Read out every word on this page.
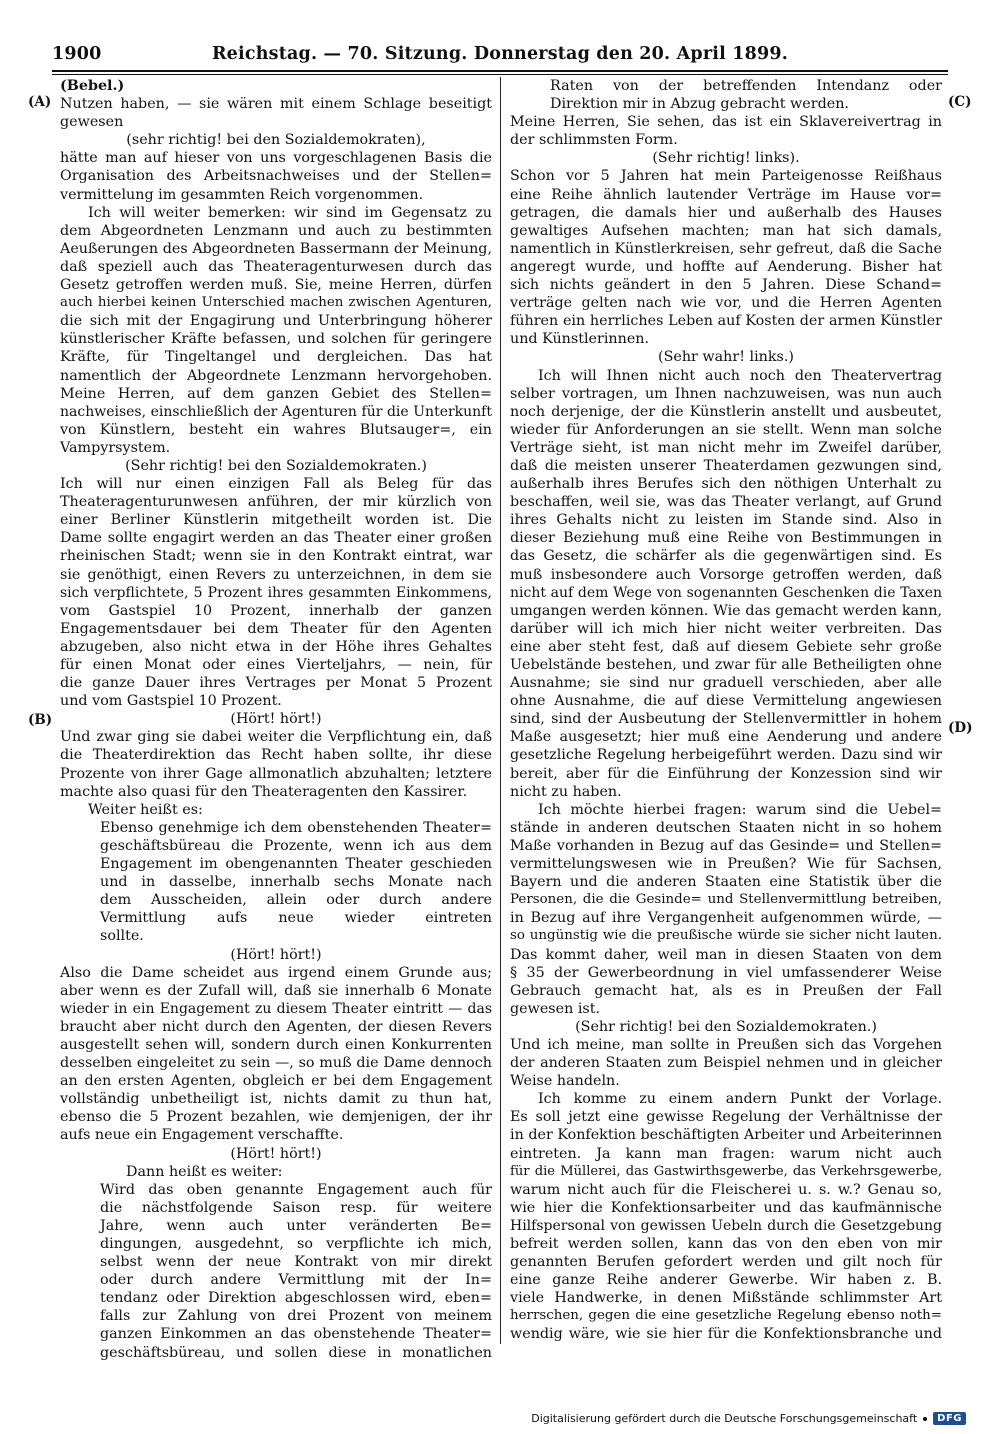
1900	Reichstag. — 70. Sitzung. Donnerstag den 20. April 1899.
(A)
(B)
(C)
(D)
(Bebel.)
Nutzen haben, — sie wären mit einem Schlage beseitigt
gewesen
(sehr richtig! bei den Sozialdemokraten),
hätte man auf hieser von uns vorgeschlagenen Basis die
Organisation des Arbeitsnachweises und der Stellen=
vermittelung im gesammten Reich vorgenommen.
Ich will weiter bemerken: wir sind im Gegensatz zu
dem Abgeordneten Lenzmann und auch zu bestimmten
Aeußerungen des Abgeordneten Bassermann der Meinung,
daß speziell auch das Theateragenturwesen durch das
Gesetz getroffen werden muß. Sie, meine Herren, dürfen
auch hierbei keinen Unterschied machen zwischen Agenturen,
die sich mit der Engagirung und Unterbringung höherer
künstlerischer Kräfte befassen, und solchen für geringere
Kräfte, für Tingeltangel und dergleichen. Das hat
namentlich der Abgeordnete Lenzmann hervorgehoben.
Meine Herren, auf dem ganzen Gebiet des Stellen=
nachweises, einschließlich der Agenturen für die Unterkunft
von Künstlern, besteht ein wahres Blutsauger=, ein
Vampyrsystem.
(Sehr richtig! bei den Sozialdemokraten.)
Ich will nur einen einzigen Fall als Beleg für das
Theateragenturunwesen anführen, der mir kürzlich von
einer Berliner Künstlerin mitgetheilt worden ist. Die
Dame sollte engagirt werden an das Theater einer großen
rheinischen Stadt; wenn sie in den Kontrakt eintrat, war
sie genöthigt, einen Revers zu unterzeichnen, in dem sie
sich verpflichtete, 5 Prozent ihres gesammten Einkommens,
vom Gastspiel 10 Prozent, innerhalb der ganzen
Engagementsdauer bei dem Theater für den Agenten
abzugeben, also nicht etwa in der Höhe ihres Gehaltes
für einen Monat oder eines Vierteljahrs, — nein, für
die ganze Dauer ihres Vertrages per Monat 5 Prozent
und vom Gastspiel 10 Prozent.
(Hört! hört!)
Und zwar ging sie dabei weiter die Verpflichtung ein, daß
die Theaterdirektion das Recht haben sollte, ihr diese
Prozente von ihrer Gage allmonatlich abzuhalten; letztere
machte also quasi für den Theateragenten den Kassirer.
Weiter heißt es:
Ebenso genehmige ich dem obenstehenden Theater=
geschäftsbüreau die Prozente, wenn ich aus dem
Engagement im obengenannten Theater geschieden
und in dasselbe, innerhalb sechs Monate nach
dem Ausscheiden, allein oder durch andere
Vermittlung aufs neue wieder eintreten
sollte.
(Hört! hört!)
Also die Dame scheidet aus irgend einem Grunde aus;
aber wenn es der Zufall will, daß sie innerhalb 6 Monate
wieder in ein Engagement zu diesem Theater eintritt — das
braucht aber nicht durch den Agenten, der diesen Revers
ausgestellt sehen will, sondern durch einen Konkurrenten
desselben eingeleitet zu sein —, so muß die Dame dennoch
an den ersten Agenten, obgleich er bei dem Engagement
vollständig unbetheiligt ist, nichts damit zu thun hat,
ebenso die 5 Prozent bezahlen, wie demjenigen, der ihr
aufs neue ein Engagement verschaffte.
(Hört! hört!)
Dann heißt es weiter:
Wird das oben genannte Engagement auch für
die nächstfolgende Saison resp. für weitere
Jahre, wenn auch unter veränderten Be=
dingungen, ausgedehnt, so verpflichte ich mich,
selbst wenn der neue Kontrakt von mir direkt
oder durch andere Vermittlung mit der In=
tendanz oder Direktion abgeschlossen wird, eben=
falls zur Zahlung von drei Prozent von meinem
ganzen Einkommen an das obenstehende Theater=
geschäftsbüreau, und sollen diese in monatlichen
Raten von der betreffenden Intendanz oder
Direktion mir in Abzug gebracht werden.
Meine Herren, Sie sehen, das ist ein Sklavereivertrag in
der schlimmsten Form.
(Sehr richtig! links).
Schon vor 5 Jahren hat mein Parteigenosse Reißhaus
eine Reihe ähnlich lautender Verträge im Hause vor=
getragen, die damals hier und außerhalb des Hauses
gewaltiges Aufsehen machten; man hat sich damals,
namentlich in Künstlerkreisen, sehr gefreut, daß die Sache
angeregt wurde, und hoffte auf Aenderung. Bisher hat
sich nichts geändert in den 5 Jahren. Diese Schand=
verträge gelten nach wie vor, und die Herren Agenten
führen ein herrliches Leben auf Kosten der armen Künstler
und Künstlerinnen.
(Sehr wahr! links.)
Ich will Ihnen nicht auch noch den Theatervertrag
selber vortragen, um Ihnen nachzuweisen, was nun auch
noch derjenige, der die Künstlerin anstellt und ausbeutet,
wieder für Anforderungen an sie stellt. Wenn man solche
Verträge sieht, ist man nicht mehr im Zweifel darüber,
daß die meisten unserer Theaterdamen gezwungen sind,
außerhalb ihres Berufes sich den nöthigen Unterhalt zu
beschaffen, weil sie, was das Theater verlangt, auf Grund
ihres Gehalts nicht zu leisten im Stande sind. Also in
dieser Beziehung muß eine Reihe von Bestimmungen in
das Gesetz, die schärfer als die gegenwärtigen sind. Es
muß insbesondere auch Vorsorge getroffen werden, daß
nicht auf dem Wege von sogenannten Geschenken die Taxen
umgangen werden können. Wie das gemacht werden kann,
darüber will ich mich hier nicht weiter verbreiten. Das
eine aber steht fest, daß auf diesem Gebiete sehr große
Uebelstände bestehen, und zwar für alle Betheiligten ohne
Ausnahme; sie sind nur graduell verschieden, aber alle
ohne Ausnahme, die auf diese Vermittelung angewiesen
sind, sind der Ausbeutung der Stellenvermittler in hohem
Maße ausgesetzt; hier muß eine Aenderung und andere
gesetzliche Regelung herbeigeführt werden. Dazu sind wir
bereit, aber für die Einführung der Konzession sind wir
nicht zu haben.
Ich möchte hierbei fragen: warum sind die Uebel=
stände in anderen deutschen Staaten nicht in so hohem
Maße vorhanden in Bezug auf das Gesinde= und Stellen=
vermittelungswesen wie in Preußen? Wie für Sachsen,
Bayern und die anderen Staaten eine Statistik über die
Personen, die die Gesinde= und Stellenvermittlung betreiben,
in Bezug auf ihre Vergangenheit aufgenommen würde, —
so ungünstig wie die preußische würde sie sicher nicht lauten.
Das kommt daher, weil man in diesen Staaten von dem
§ 35 der Gewerbeordnung in viel umfassenderer Weise
Gebrauch gemacht hat, als es in Preußen der Fall
gewesen ist.
(Sehr richtig! bei den Sozialdemokraten.)
Und ich meine, man sollte in Preußen sich das Vorgehen
der anderen Staaten zum Beispiel nehmen und in gleicher
Weise handeln.
Ich komme zu einem andern Punkt der Vorlage.
Es soll jetzt eine gewisse Regelung der Verhältnisse der
in der Konfektion beschäftigten Arbeiter und Arbeiterinnen
eintreten. Ja kann man fragen: warum nicht auch
für die Müllerei, das Gastwirthsgewerbe, das Verkehrsgewerbe,
warum nicht auch für die Fleischerei u. s. w.? Genau so,
wie hier die Konfektionsarbeiter und das kaufmännische
Hilfspersonal von gewissen Uebeln durch die Gesetzgebung
befreit werden sollen, kann das von den eben von mir
genannten Berufen gefordert werden und gilt noch für
eine ganze Reihe anderer Gewerbe. Wir haben z. B.
viele Handwerke, in denen Mißstände schlimmster Art
herrschen, gegen die eine gesetzliche Regelung ebenso noth=
wendig wäre, wie sie hier für die Konfektionsbranche und
Digitalisierung gefördert durch die Deutsche Forschungsgemeinschaft	DFG
